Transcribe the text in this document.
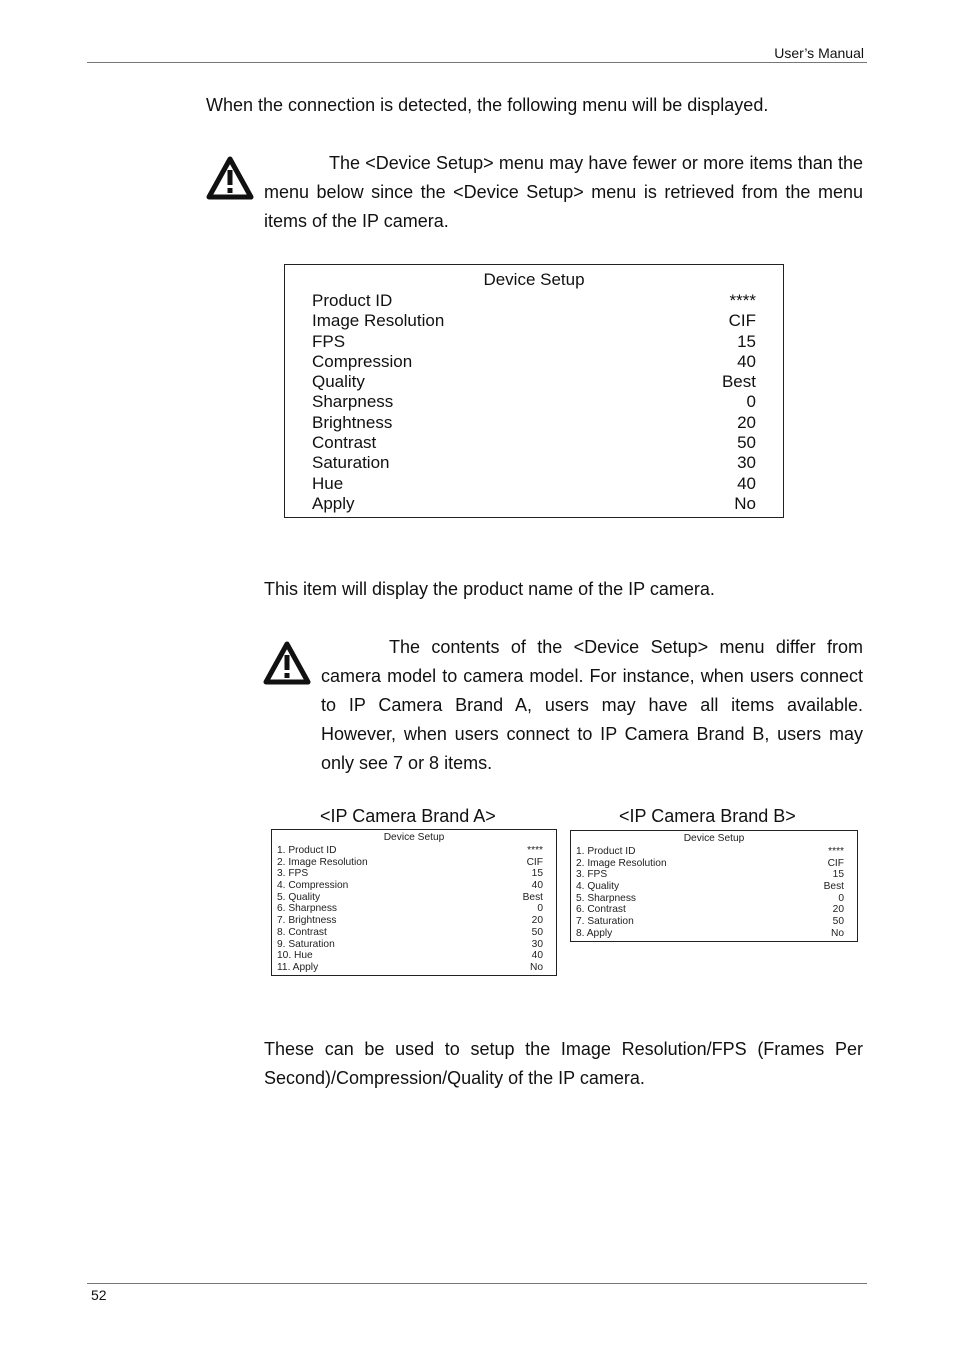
User’s Manual
When the connection is detected, the following menu will be displayed.
The <Device Setup> menu may have fewer or more items than the menu below since the <Device Setup> menu is retrieved from the menu items of the IP camera.
Device Setup
Product ID	****
Image Resolution	CIF
FPS	15
Compression	40
Quality	Best
Sharpness	0
Brightness	20
Contrast	50
Saturation	30
Hue	40
Apply	No
This item will display the product name of the IP camera.
The contents of the <Device Setup> menu differ from camera model to camera model. For instance, when users connect to IP Camera Brand A, users may have all items available. However, when users connect to IP Camera Brand B, users may only see 7 or 8 items.
<IP Camera Brand A>	<IP Camera Brand B>
Device Setup
1. Product ID	****
2. Image Resolution	CIF
3. FPS	15
4. Compression	40
5. Quality	Best
6. Sharpness	0
7. Brightness	20
8. Contrast	50
9. Saturation	30
10. Hue	40
11. Apply	No
Device Setup
1. Product ID	****
2. Image Resolution	CIF
3. FPS	15
4. Quality	Best
5. Sharpness	0
6. Contrast	20
7. Saturation	50
8. Apply	No
These can be used to setup the Image Resolution/FPS (Frames Per Second)/Compression/Quality of the IP camera.
52
